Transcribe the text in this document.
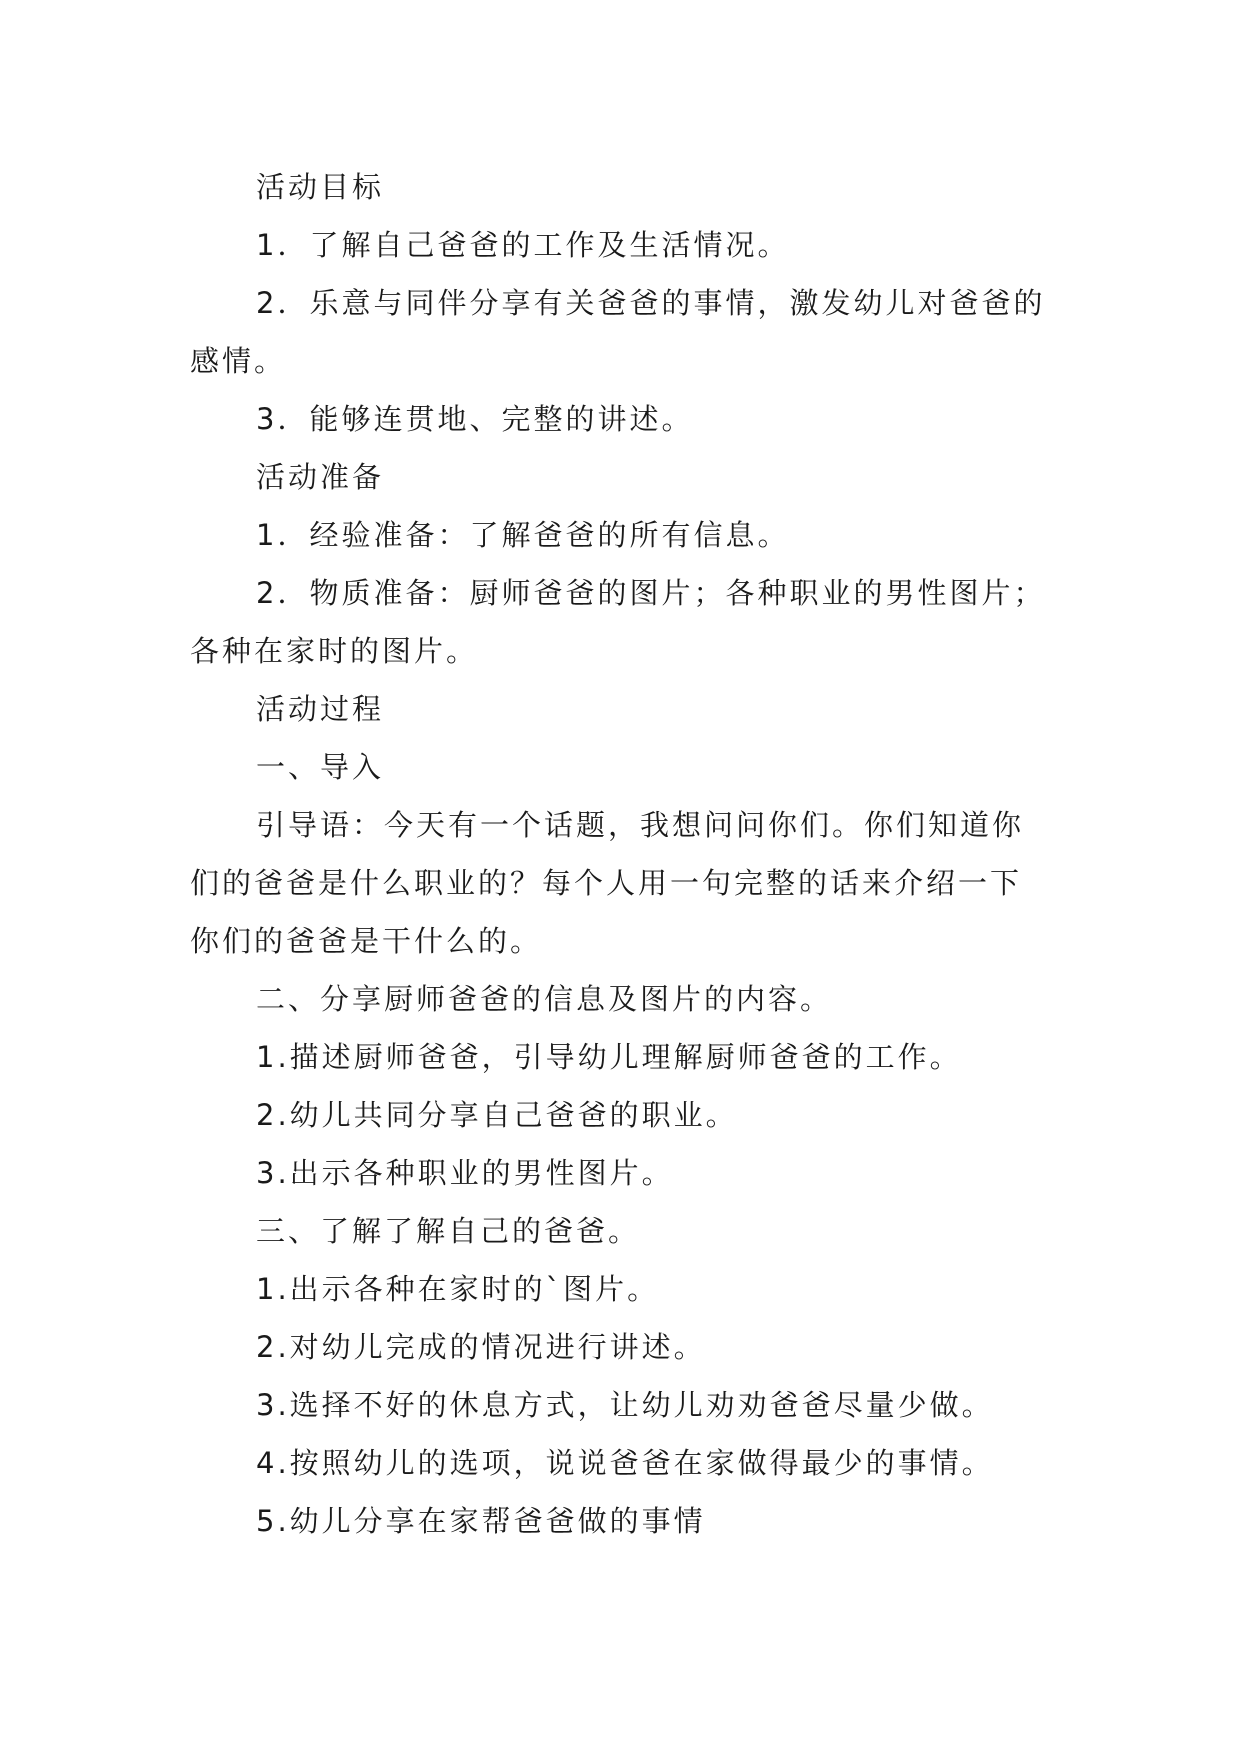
活动目标

1．了解自己爸爸的工作及生活情况。

2．乐意与同伴分享有关爸爸的事情，激发幼儿对爸爸的感情。

3．能够连贯地、完整的讲述。

活动准备

1．经验准备：了解爸爸的所有信息。

2．物质准备：厨师爸爸的图片；各种职业的男性图片；各种在家时的图片。

活动过程

一、导入

引导语：今天有一个话题，我想问问你们。你们知道你们的爸爸是什么职业的？每个人用一句完整的话来介绍一下你们的爸爸是干什么的。

二、分享厨师爸爸的信息及图片的内容。

1.描述厨师爸爸，引导幼儿理解厨师爸爸的工作。

2.幼儿共同分享自己爸爸的职业。

3.出示各种职业的男性图片。

三、了解了解自己的爸爸。

1.出示各种在家时的`图片。

2.对幼儿完成的情况进行讲述。

3.选择不好的休息方式，让幼儿劝劝爸爸尽量少做。

4.按照幼儿的选项，说说爸爸在家做得最少的事情。

5.幼儿分享在家帮爸爸做的事情
